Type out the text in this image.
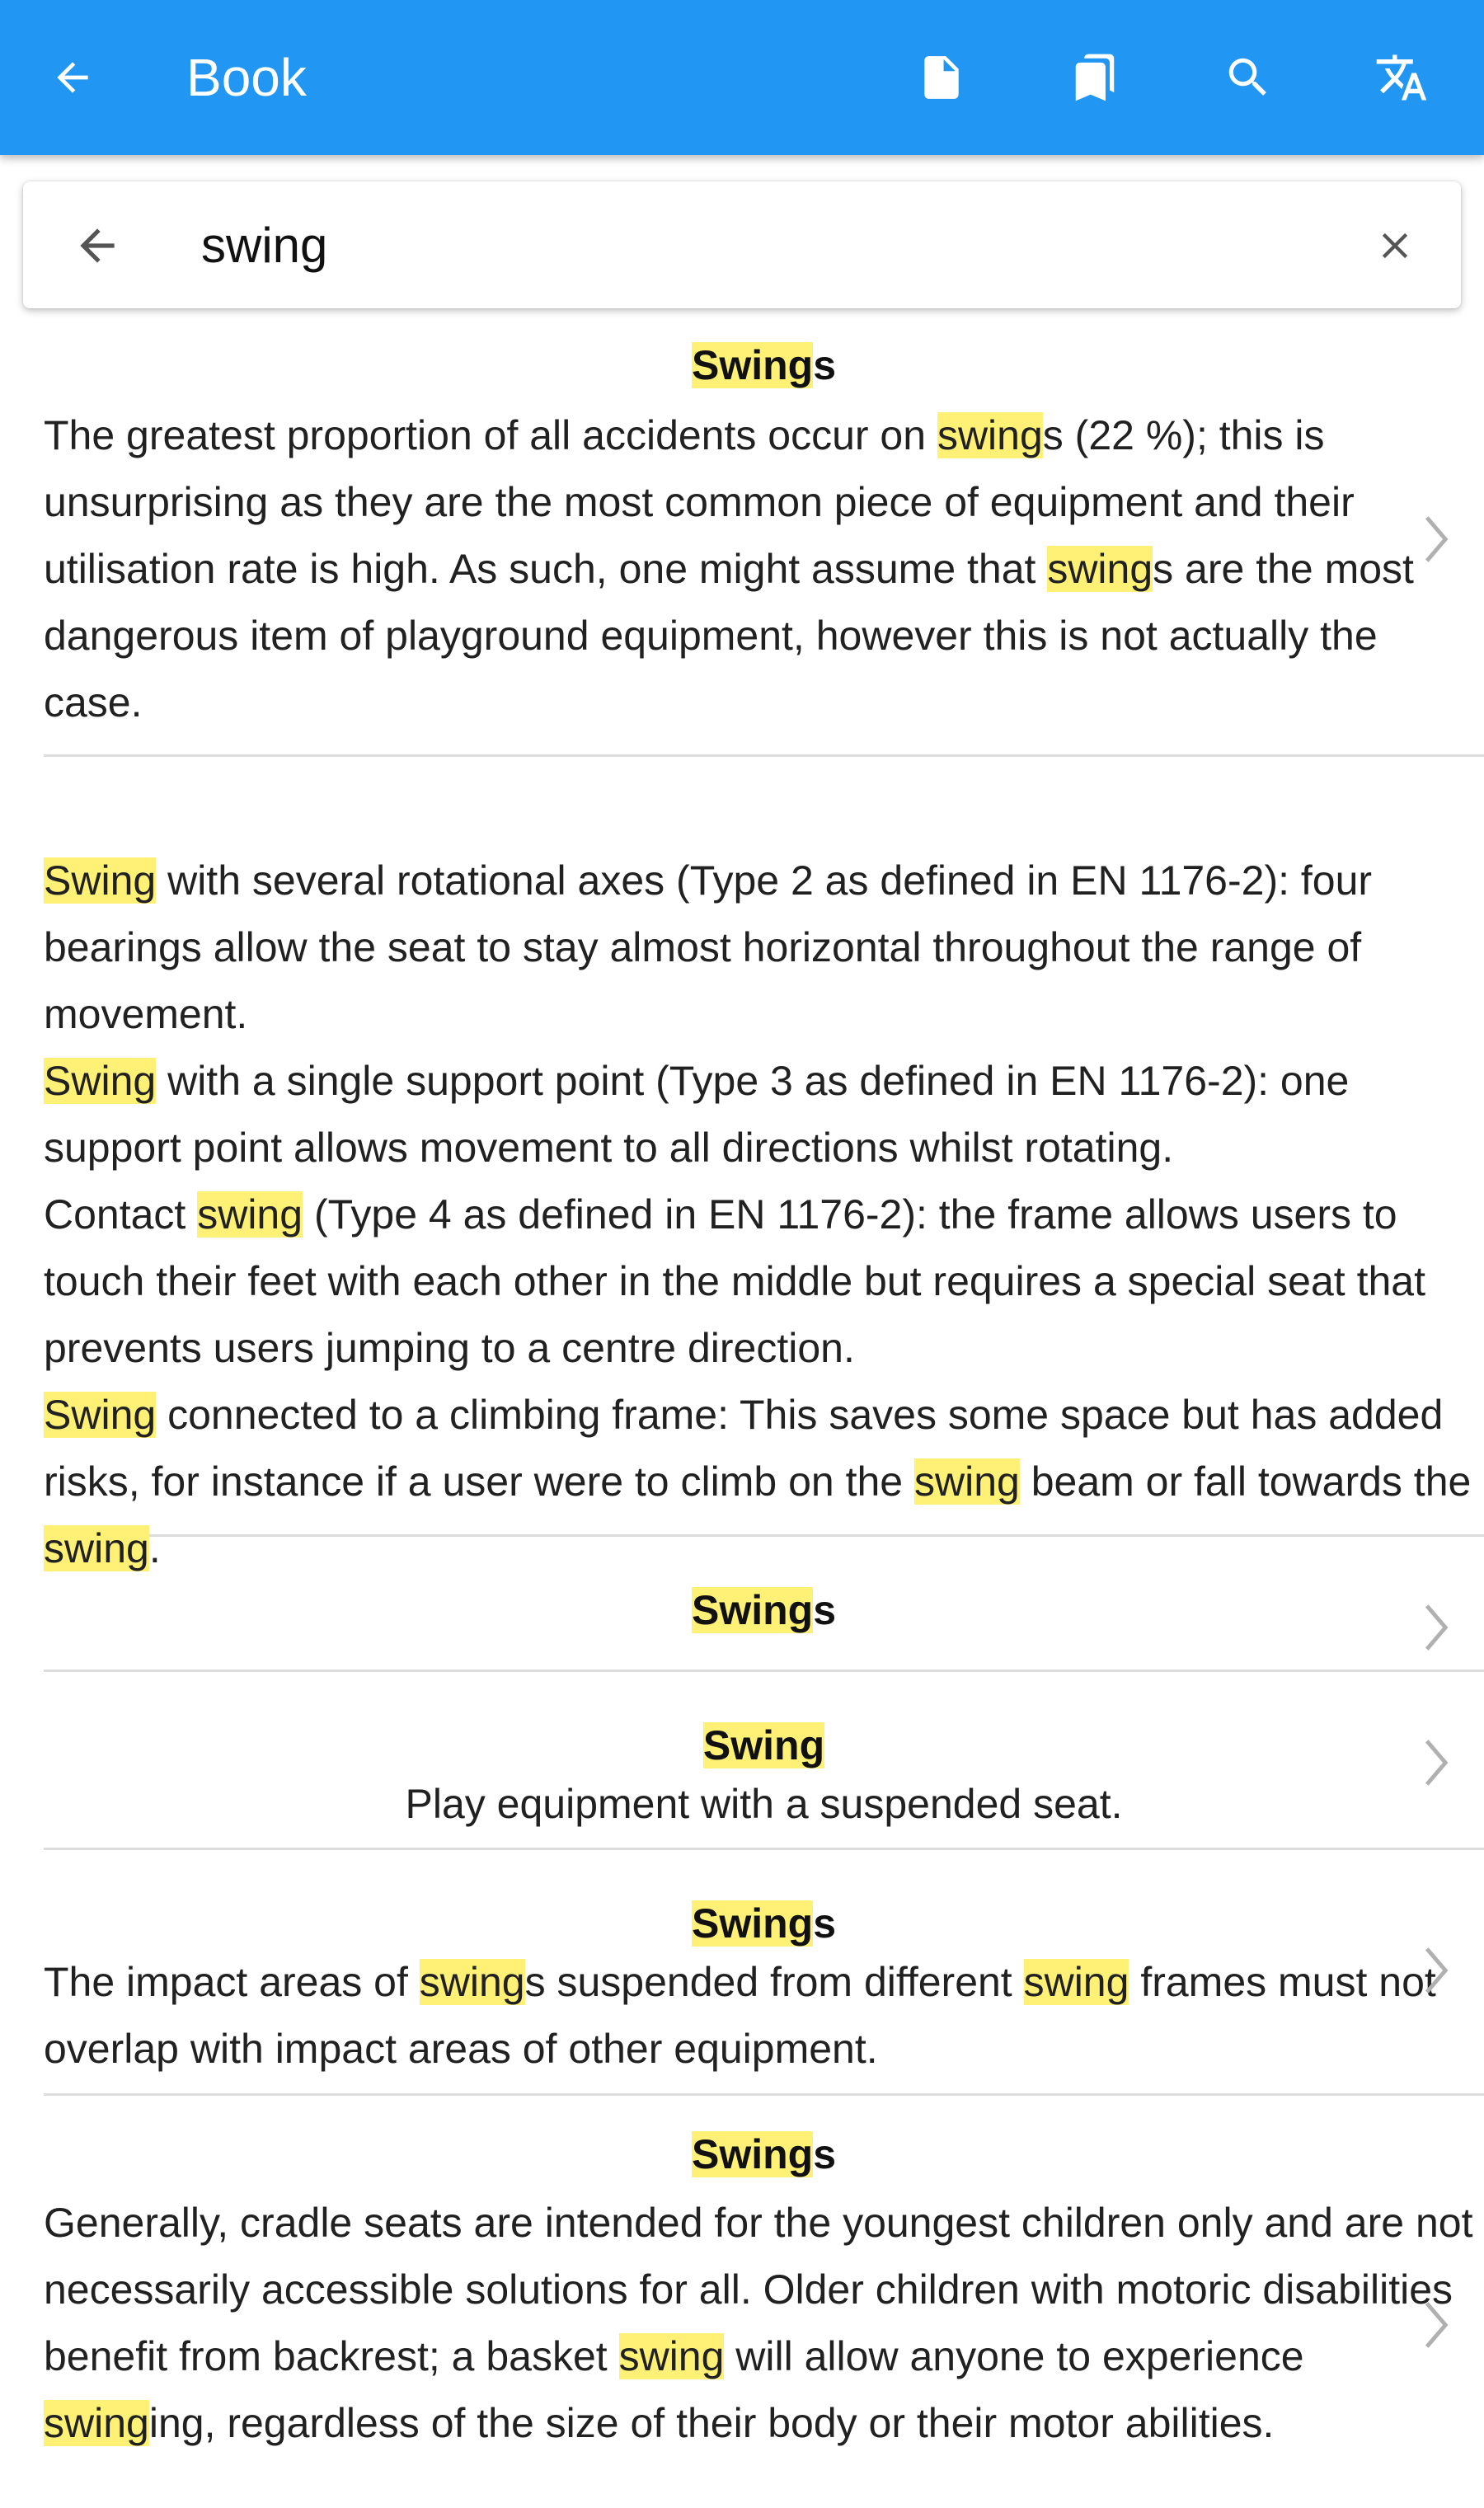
Book
swing
Swings
The greatest proportion of all accidents occur on swings (22 %); this is unsurprising as they are the most common piece of equipment and their utilisation rate is high. As such, one might assume that swings are the most dangerous item of playground equipment, however this is not actually the case.
Swing with several rotational axes (Type 2 as defined in EN 1176-2): four bearings allow the seat to stay almost horizontal throughout the range of movement.
Swing with a single support point (Type 3 as defined in EN 1176-2): one support point allows movement to all directions whilst rotating.
Contact swing (Type 4 as defined in EN 1176-2): the frame allows users to touch their feet with each other in the middle but requires a special seat that prevents users jumping to a centre direction.
Swing connected to a climbing frame: This saves some space but has added risks, for instance if a user were to climb on the swing beam or fall towards the swing.
Swings
Swing
Play equipment with a suspended seat.
Swings
The impact areas of swings suspended from different swing frames must not overlap with impact areas of other equipment.
Swings
Generally, cradle seats are intended for the youngest children only and are not necessarily accessible solutions for all. Older children with motoric disabilities benefit from backrest; a basket swing will allow anyone to experience swinging, regardless of the size of their body or their motor abilities.
